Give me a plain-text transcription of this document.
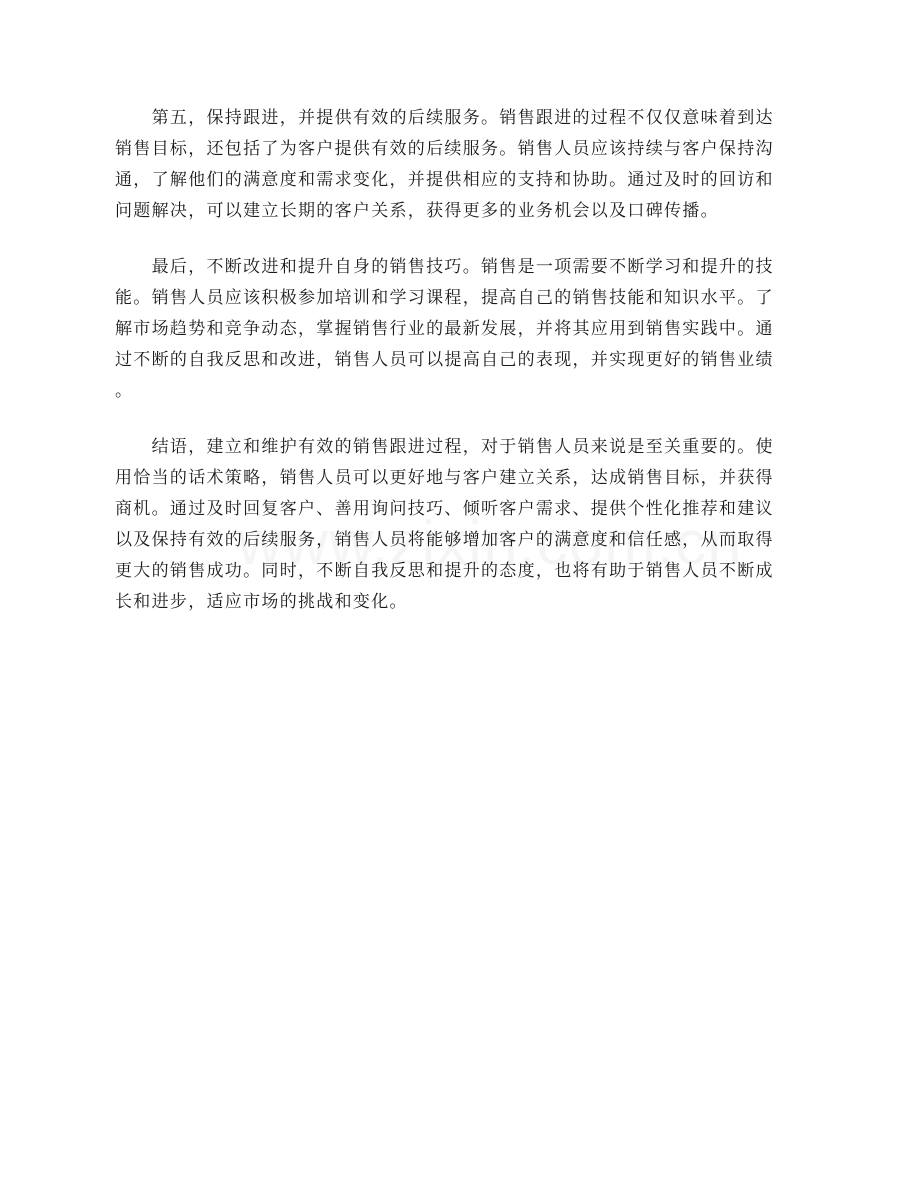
　　第五，保持跟进，并提供有效的后续服务。销售跟进的过程不仅仅意味着到达
销售目标，还包括了为客户提供有效的后续服务。销售人员应该持续与客户保持沟
通，了解他们的满意度和需求变化，并提供相应的支持和协助。通过及时的回访和
问题解决，可以建立长期的客户关系，获得更多的业务机会以及口碑传播。

　　最后，不断改进和提升自身的销售技巧。销售是一项需要不断学习和提升的技
能。销售人员应该积极参加培训和学习课程，提高自己的销售技能和知识水平。了
解市场趋势和竞争动态，掌握销售行业的最新发展，并将其应用到销售实践中。通
过不断的自我反思和改进，销售人员可以提高自己的表现，并实现更好的销售业绩
。

　　结语，建立和维护有效的销售跟进过程，对于销售人员来说是至关重要的。使
用恰当的话术策略，销售人员可以更好地与客户建立关系，达成销售目标，并获得
商机。通过及时回复客户、善用询问技巧、倾听客户需求、提供个性化推荐和建议
以及保持有效的后续服务，销售人员将能够增加客户的满意度和信任感，从而取得
更大的销售成功。同时，不断自我反思和提升的态度，也将有助于销售人员不断成
长和进步，适应市场的挑战和变化。
